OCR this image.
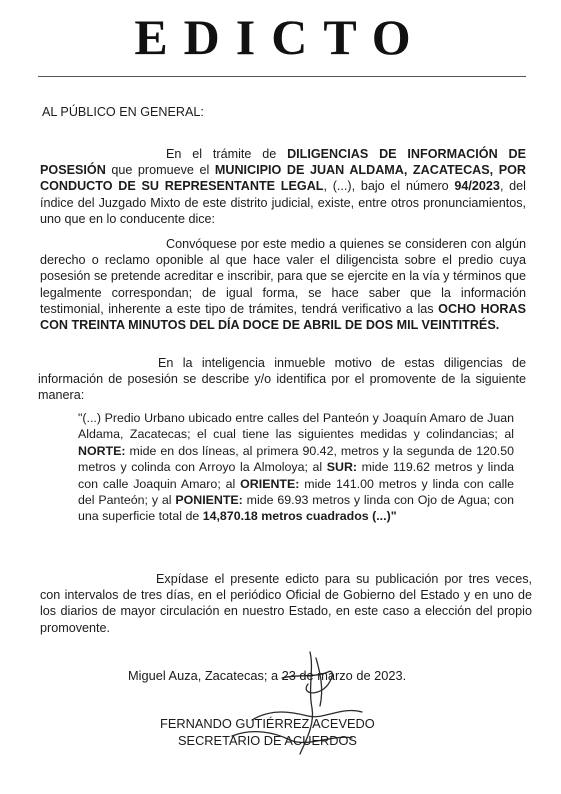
EDICTO
AL PÚBLICO EN GENERAL:
En el trámite de DILIGENCIAS DE INFORMACIÓN DE POSESIÓN que promueve el MUNICIPIO DE JUAN ALDAMA, ZACATECAS, POR CONDUCTO DE SU REPRESENTANTE LEGAL, (...), bajo el número 94/2023, del índice del Juzgado Mixto de este distrito judicial, existe, entre otros pronunciamientos, uno que en lo conducente dice:
Convóquese por este medio a quienes se consideren con algún derecho o reclamo oponible al que hace valer el diligencista sobre el predio cuya posesión se pretende acreditar e inscribir, para que se ejercite en la vía y términos que legalmente correspondan; de igual forma, se hace saber que la información testimonial, inherente a este tipo de trámites, tendrá verificativo a las OCHO HORAS CON TREINTA MINUTOS DEL DÍA DOCE DE ABRIL DE DOS MIL VEINTITRÉS.
En la inteligencia inmueble motivo de estas diligencias de información de posesión se describe y/o identifica por el promovente de la siguiente manera:
"(...) Predio Urbano ubicado entre calles del Panteón y Joaquín Amaro de Juan Aldama, Zacatecas; el cual tiene las siguientes medidas y colindancias; al NORTE: mide en dos líneas, al primera 90.42, metros y la segunda de 120.50 metros y colinda con Arroyo la Almoloya; al SUR: mide 119.62 metros y linda con calle Joaquin Amaro; al ORIENTE: mide 141.00 metros y linda con calle del Panteón; y al PONIENTE: mide 69.93 metros y linda con Ojo de Agua; con una superficie total de 14,870.18 metros cuadrados (...)"
Expídase el presente edicto para su publicación por tres veces, con intervalos de tres días, en el periódico Oficial de Gobierno del Estado y en uno de los diarios de mayor circulación en nuestro Estado, en este caso a elección del propio promovente.
Miguel Auza, Zacatecas; a 23 de marzo de 2023.
FERNANDO GUTIÉRREZ ACEVEDO
SECRETARIO DE ACUERDOS
